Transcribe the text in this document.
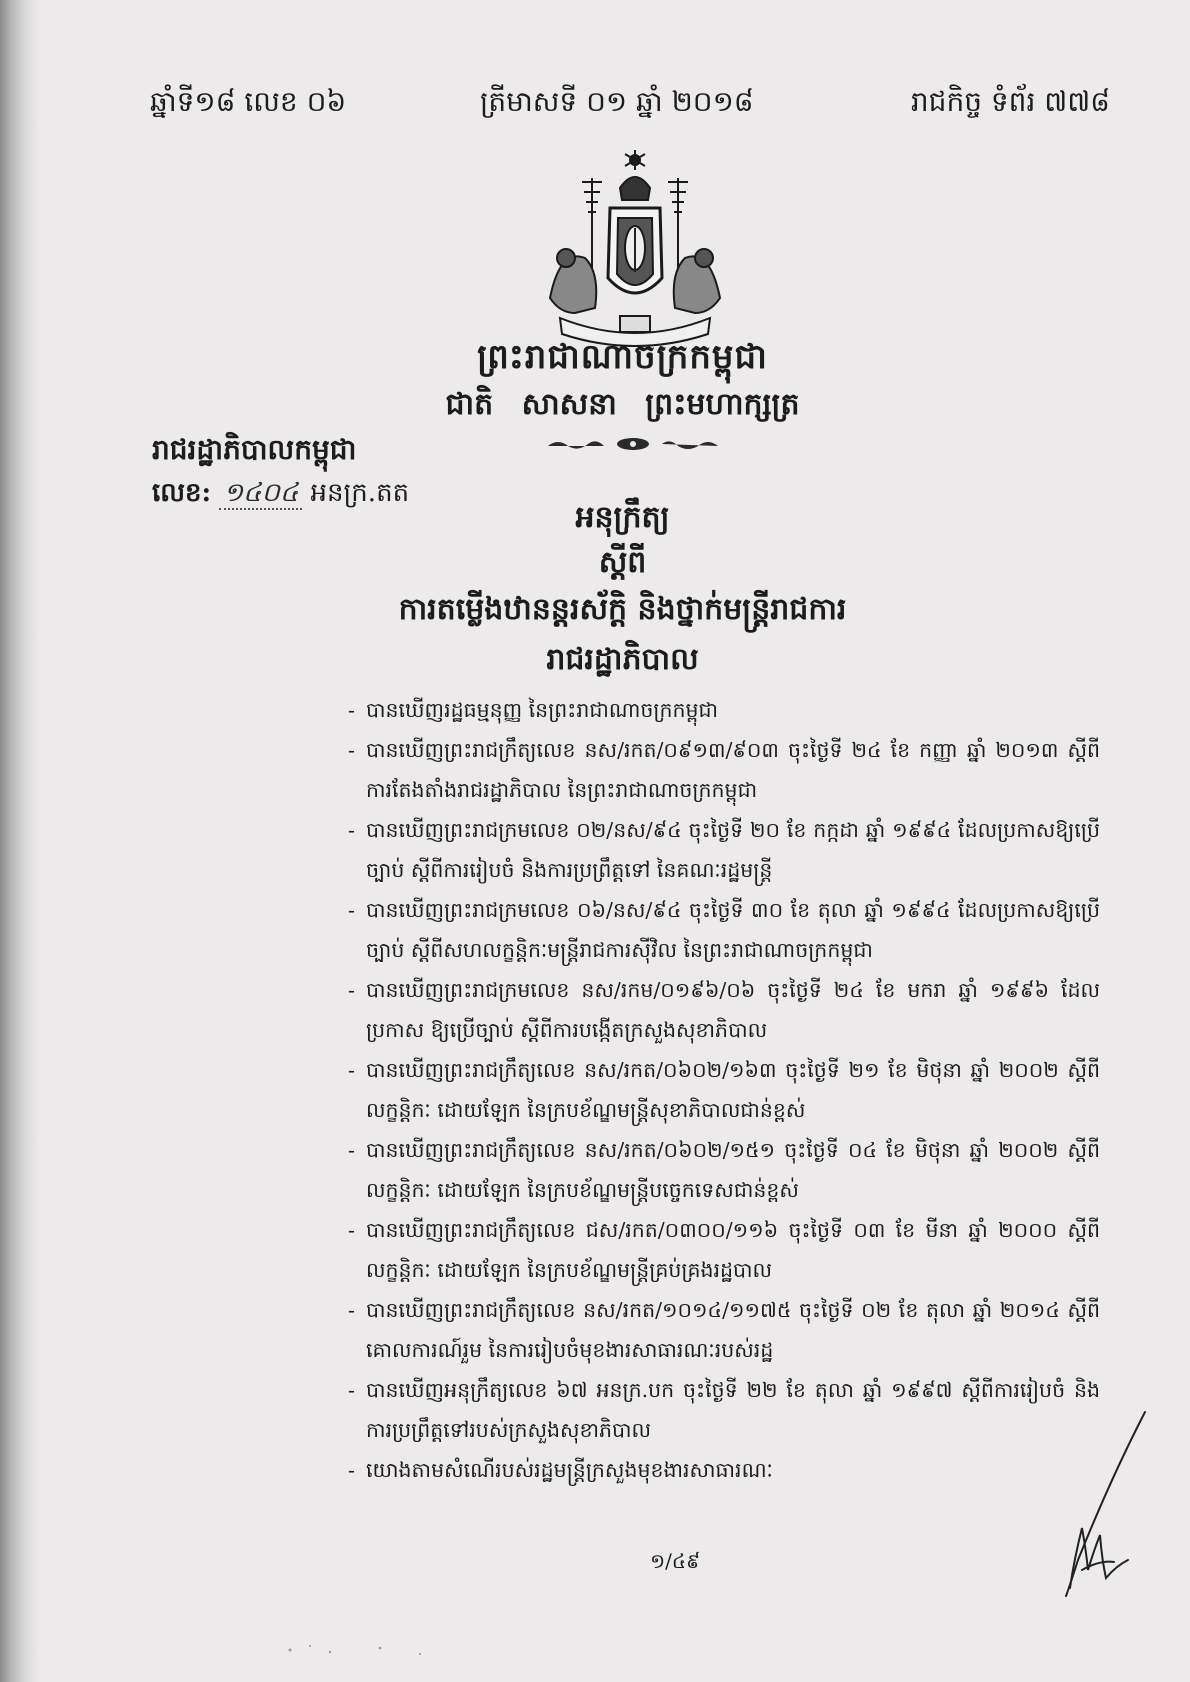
ឆ្នាំទី១៨ លេខ ០៦	ត្រីមាសទី ០១ ឆ្នាំ ២០១៨	រាជកិច្ច ទំព័រ ៧៧៨
ព្រះរាជាណាចក្រកម្ពុជា
ជាតិ សាសនា ព្រះមហាក្សត្រ
រាជរដ្ឋាភិបាលកម្ពុជា
លេខ: ១៤០៤ អនក្រ.តត
អនុក្រឹត្យ
ស្តីពី
ការតម្លើងឋានន្តរស័ក្តិ និងថ្នាក់មន្ត្រីរាជការ
រាជរដ្ឋាភិបាល
- បានឃើញរដ្ឋធម្មនុញ្ញ នៃព្រះរាជាណាចក្រកម្ពុជា
- បានឃើញព្រះរាជក្រឹត្យលេខ នស/រកត/០៩១៣/៩០៣ ចុះថ្ងៃទី ២៤ ខែ កញ្ញា ឆ្នាំ ២០១៣ ស្តីពី ការតែងតាំងរាជរដ្ឋាភិបាល នៃព្រះរាជាណាចក្រកម្ពុជា
- បានឃើញព្រះរាជក្រមលេខ ០២/នស/៩៤ ចុះថ្ងៃទី ២០ ខែ កក្កដា ឆ្នាំ ១៩៩៤ ដែលប្រកាសឱ្យប្រើច្បាប់ ស្តីពីការរៀបចំ និងការប្រព្រឹត្តទៅ នៃគណៈរដ្ឋមន្ត្រី
- បានឃើញព្រះរាជក្រមលេខ ០៦/នស/៩៤ ចុះថ្ងៃទី ៣០ ខែ តុលា ឆ្នាំ ១៩៩៤ ដែលប្រកាសឱ្យប្រើច្បាប់ ស្តីពីសហលក្ខន្តិកៈមន្ត្រីរាជការស៊ីវិល នៃព្រះរាជាណាចក្រកម្ពុជា
- បានឃើញព្រះរាជក្រមលេខ នស/រកម/០១៩៦/០៦ ចុះថ្ងៃទី ២៤ ខែ មករា ឆ្នាំ ១៩៩៦ ដែលប្រកាស ឱ្យប្រើច្បាប់ ស្តីពីការបង្កើតក្រសួងសុខាភិបាល
- បានឃើញព្រះរាជក្រឹត្យលេខ នស/រកត/០៦០២/១៦៣ ចុះថ្ងៃទី ២១ ខែ មិថុនា ឆ្នាំ ២០០២ ស្តីពីលក្ខន្តិកៈ ដោយឡែក នៃក្របខ័ណ្ឌមន្ត្រីសុខាភិបាលជាន់ខ្ពស់
- បានឃើញព្រះរាជក្រឹត្យលេខ នស/រកត/០៦០២/១៥១ ចុះថ្ងៃទី ០៤ ខែ មិថុនា ឆ្នាំ ២០០២ ស្តីពីលក្ខន្តិកៈ ដោយឡែក នៃក្របខ័ណ្ឌមន្ត្រីបច្ចេកទេសជាន់ខ្ពស់
- បានឃើញព្រះរាជក្រឹត្យលេខ ជស/រកត/០៣០០/១១៦ ចុះថ្ងៃទី ០៣ ខែ មីនា ឆ្នាំ ២០០០ ស្តីពីលក្ខន្តិកៈ ដោយឡែក នៃក្របខ័ណ្ឌមន្ត្រីគ្រប់គ្រងរដ្ឋបាល
- បានឃើញព្រះរាជក្រឹត្យលេខ នស/រកត/១០១៤/១១៧៥ ចុះថ្ងៃទី ០២ ខែ តុលា ឆ្នាំ ២០១៤ ស្តីពី គោលការណ៍រួម នៃការរៀបចំមុខងារសាធារណៈរបស់រដ្ឋ
- បានឃើញអនុក្រឹត្យលេខ ៦៧ អនក្រ.បក ចុះថ្ងៃទី ២២ ខែ តុលា ឆ្នាំ ១៩៩៧ ស្តីពីការរៀបចំ និង ការប្រព្រឹត្តទៅរបស់ក្រសួងសុខាភិបាល
- យោងតាមសំណើរបស់រដ្ឋមន្ត្រីក្រសួងមុខងារសាធារណៈ
១/៤៩
